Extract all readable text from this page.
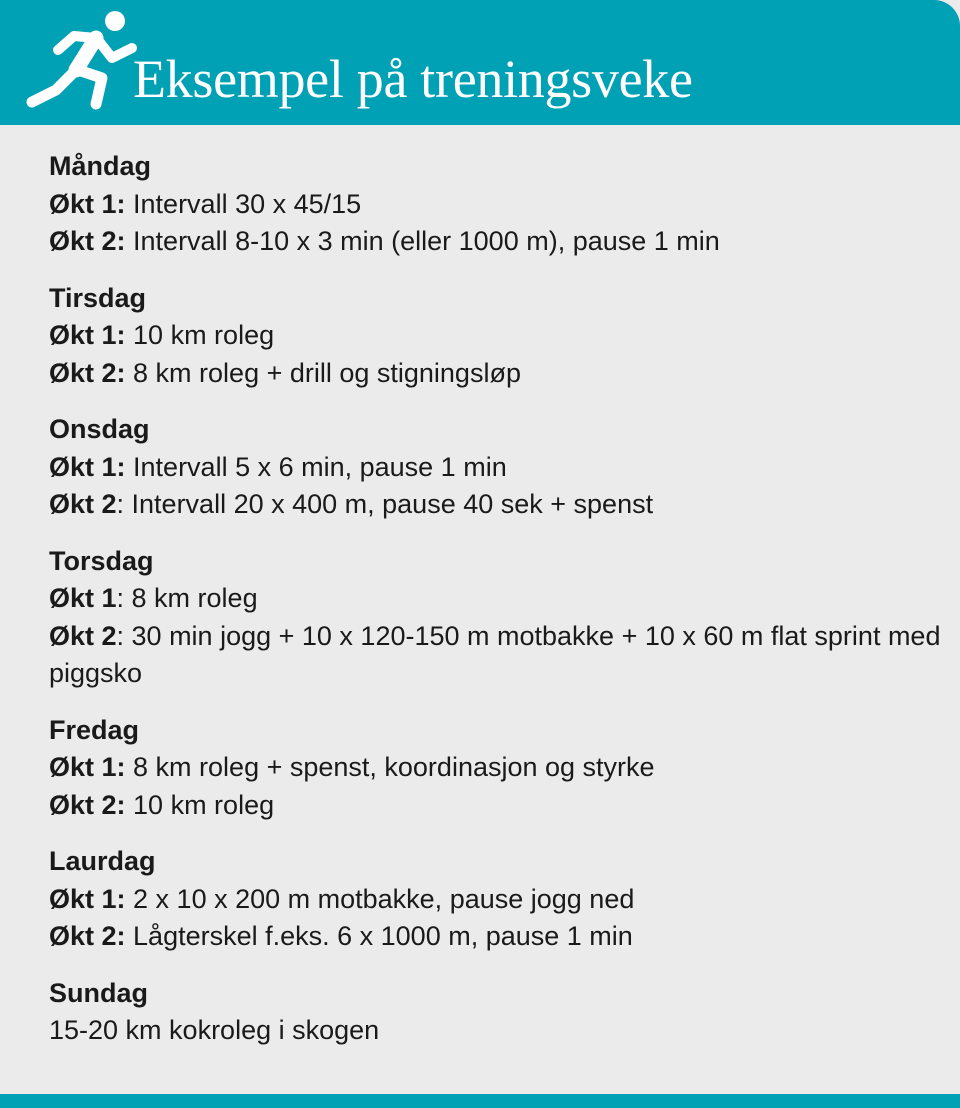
Eksempel på treningsveke
Måndag
Økt 1: Intervall 30 x 45/15
Økt 2: Intervall 8-10 x 3 min (eller 1000 m), pause 1 min
Tirsdag
Økt 1: 10 km roleg
Økt 2: 8 km roleg + drill og stigningsløp
Onsdag
Økt 1: Intervall 5 x 6 min, pause 1 min
Økt 2: Intervall 20 x 400 m, pause 40 sek + spenst
Torsdag
Økt 1: 8 km roleg
Økt 2: 30 min jogg + 10 x 120-150 m motbakke + 10 x 60 m flat sprint med piggsko
Fredag
Økt 1: 8 km roleg + spenst, koordinasjon og styrke
Økt 2: 10 km roleg
Laurdag
Økt 1: 2 x 10 x 200 m motbakke, pause jogg ned
Økt 2: Lågterskel f.eks. 6 x 1000 m, pause 1 min
Sundag
15-20 km kokroleg i skogen
